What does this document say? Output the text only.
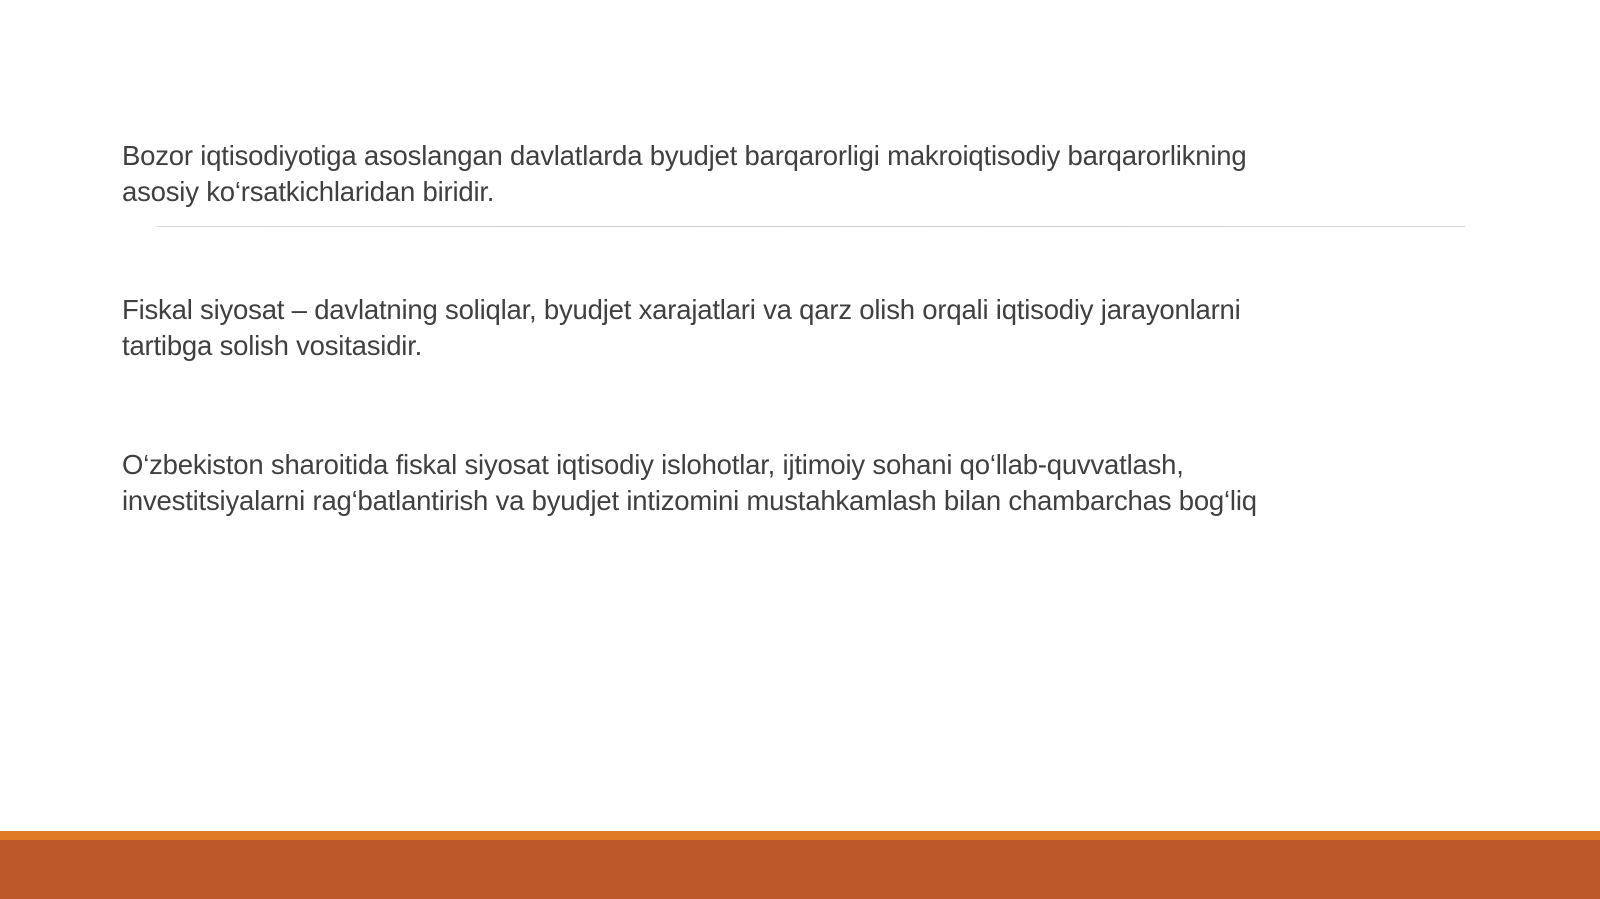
Bozor iqtisodiyotiga asoslangan davlatlarda byudjet barqarorligi makroiqtisodiy barqarorlikning
asosiy ko‘rsatkichlaridan biridir.
Fiskal siyosat – davlatning soliqlar, byudjet xarajatlari va qarz olish orqali iqtisodiy jarayonlarni
tartibga solish vositasidir.
O‘zbekiston sharoitida fiskal siyosat iqtisodiy islohotlar, ijtimoiy sohani qo‘llab-quvvatlash,
investitsiyalarni rag‘batlantirish va byudjet intizomini mustahkamlash bilan chambarchas bog‘liq
